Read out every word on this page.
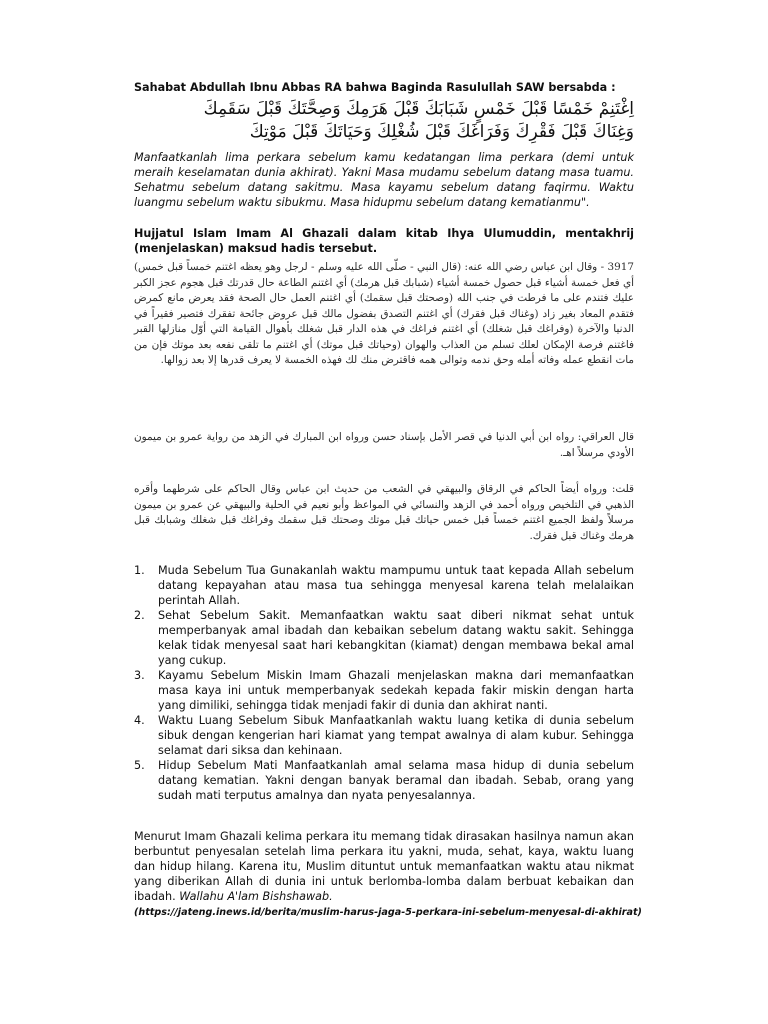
Sahabat Abdullah Ibnu Abbas RA bahwa Baginda Rasulullah SAW bersabda :
اِغْتَنِمْ خَمْسًا قَبْلَ خَمْسٍ شَبَابَكَ قَبْلَ هَرَمِكَ وَصِحَّتَكَ قَبْلَ سَقَمِكَ
وَغِنَاكَ قَبْلَ فَقْرِكَ وَفَرَاغَكَ قَبْلَ شُغْلِكَ وَحَيَاتَكَ قَبْلَ مَوْتِكَ
Manfaatkanlah lima perkara sebelum kamu kedatangan lima perkara (demi untuk meraih keselamatan dunia akhirat). Yakni Masa mudamu sebelum datang masa tuamu. Sehatmu sebelum datang sakitmu. Masa kayamu sebelum datang faqirmu. Waktu luangmu sebelum waktu sibukmu. Masa hidupmu sebelum datang kematianmu".
Hujjatul Islam Imam Al Ghazali dalam kitab Ihya Ulumuddin, mentakhrij (menjelaskan) maksud hadis tersebut.

3917 - وقال ابن عباس رضي الله عنه: (قال النبي - صلّى الله عليه وسلم - لرجل وهو يعظه اغتنم خمساً قبل خمس) أي فعل خمسة أشياء قبل حصول خمسة أشياء (شبابك قبل هرمك) أي اغتنم الطاعة حال قدرتك قبل هجوم عجز الكبر عليك فتندم على ما فرطت في جنب الله (وصحتك قبل سقمك) أي اغتنم العمل حال الصحة فقد يعرض مانع كمرض فتقدم المعاد بغير زاد (وغناك قبل فقرك) أي اغتنم التصدق بفضول مالك قبل عروض جائحة تفقرك فتصير فقيراً في الدنيا والآخرة (وفراغك قبل شغلك) أي اغتنم فراغك في هذه الدار قبل شغلك بأهوال القيامة التي أوّل منازلها القبر فاغتنم فرصة الإمكان لعلك تسلم من العذاب والهوان (وحياتك قبل موتك) أي اغتنم ما تلقى نفعه بعد موتك فإن من مات انقطع عمله وفاته أمله وحق ندمه وتوالى همه فاقترض منك لك فهذه الخمسة لا يعرف قدرها إلا بعد زوالها.

قال العراقي: رواه ابن أبي الدنيا في قصر الأمل بإسناد حسن ورواه ابن المبارك في الزهد من رواية عمرو بن ميمون الأودي مرسلاً اهـ.

قلت: ورواه أيضاً الحاكم في الرقاق والبيهقي في الشعب من حديث ابن عباس وقال الحاكم على شرطهما وأقره الذهبي في التلخيص ورواه أحمد في الزهد والنسائي في المواعظ وأبو نعيم في الحلية والبيهقي عن عمرو بن ميمون مرسلاً ولفظ الجميع اغتنم خمساً قبل خمس حياتك قبل موتك وصحتك قبل سقمك وفراغك قبل شغلك وشبابك قبل هرمك وغناك قبل فقرك.

1. Muda Sebelum Tua Gunakanlah waktu mampumu untuk taat kepada Allah sebelum datang kepayahan atau masa tua sehingga menyesal karena telah melalaikan perintah Allah.
2. Sehat Sebelum Sakit. Memanfaatkan waktu saat diberi nikmat sehat untuk memperbanyak amal ibadah dan kebaikan sebelum datang waktu sakit. Sehingga kelak tidak menyesal saat hari kebangkitan (kiamat) dengan membawa bekal amal yang cukup.
3. Kayamu Sebelum Miskin Imam Ghazali menjelaskan makna dari memanfaatkan masa kaya ini untuk memperbanyak sedekah kepada fakir miskin dengan harta yang dimiliki, sehingga tidak menjadi fakir di dunia dan akhirat nanti.
4. Waktu Luang Sebelum Sibuk Manfaatkanlah waktu luang ketika di dunia sebelum sibuk dengan kengerian hari kiamat yang tempat awalnya di alam kubur. Sehingga selamat dari siksa dan kehinaan.
5. Hidup Sebelum Mati Manfaatkanlah amal selama masa hidup di dunia sebelum datang kematian. Yakni dengan banyak beramal dan ibadah. Sebab, orang yang sudah mati terputus amalnya dan nyata penyesalannya.
Menurut Imam Ghazali kelima perkara itu memang tidak dirasakan hasilnya namun akan berbuntut penyesalan setelah lima perkara itu yakni, muda, sehat, kaya, waktu luang dan hidup hilang. Karena itu, Muslim dituntut untuk memanfaatkan waktu atau nikmat yang diberikan Allah di dunia ini untuk berlomba-lomba dalam berbuat kebaikan dan ibadah. Wallahu A'lam Bishshawab.
(https://jateng.inews.id/berita/muslim-harus-jaga-5-perkara-ini-sebelum-menyesal-di-akhirat)
